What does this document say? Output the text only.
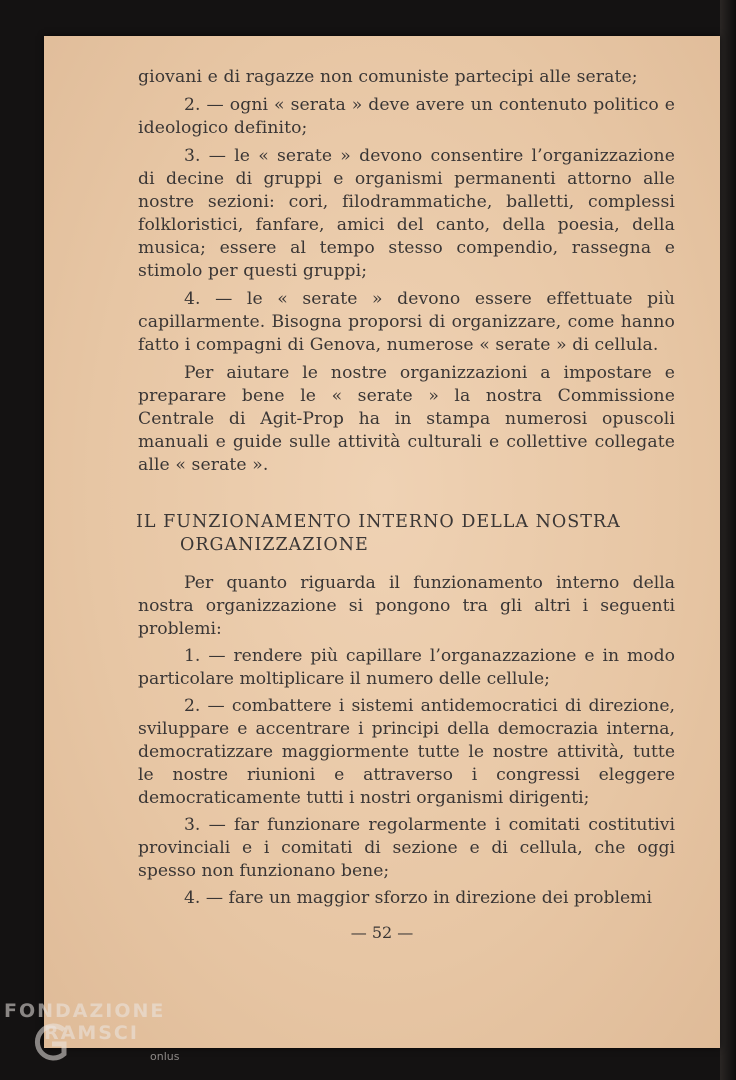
giovani e di ragazze non comuniste partecipi alle serate;

2. — ogni « serata » deve avere un contenuto politico e ideologico definito;

3. — le « serate » devono consentire l’organizzazione di decine di gruppi e organismi permanenti attorno alle nostre sezioni: cori, filodrammatiche, balletti, complessi folkloristici, fanfare, amici del canto, della poesia, della musica; essere al tempo stesso compendio, rassegna e stimolo per questi gruppi;

4. — le « serate » devono essere effettuate più capillarmente. Bisogna proporsi di organizzare, come hanno fatto i compagni di Genova, numerose « serate » di cellula.

Per aiutare le nostre organizzazioni a impostare e preparare bene le « serate » la nostra Commissione Centrale di Agit-Prop ha in stampa numerosi opuscoli manuali e guide sulle attività culturali e collettive collegate alle « serate ».

IL FUNZIONAMENTO INTERNO DELLA NOSTRA
ORGANIZZAZIONE

Per quanto riguarda il funzionamento interno della nostra organizzazione si pongono tra gli altri i seguenti problemi:

1. — rendere più capillare l’organazzazione e in modo particolare moltiplicare il numero delle cellule;

2. — combattere i sistemi antidemocratici di direzione, sviluppare e accentrare i principi della democrazia interna, democratizzare maggiormente tutte le nostre attività, tutte le nostre riunioni e attraverso i congressi eleggere democraticamente tutti i nostri organismi dirigenti;

3. — far funzionare regolarmente i comitati costitutivi provinciali e i comitati di sezione e di cellula, che oggi spesso non funzionano bene;

4. — fare un maggior sforzo in direzione dei problemi

— 52 —
FONDAZIONE
RAMSCI
onlus
